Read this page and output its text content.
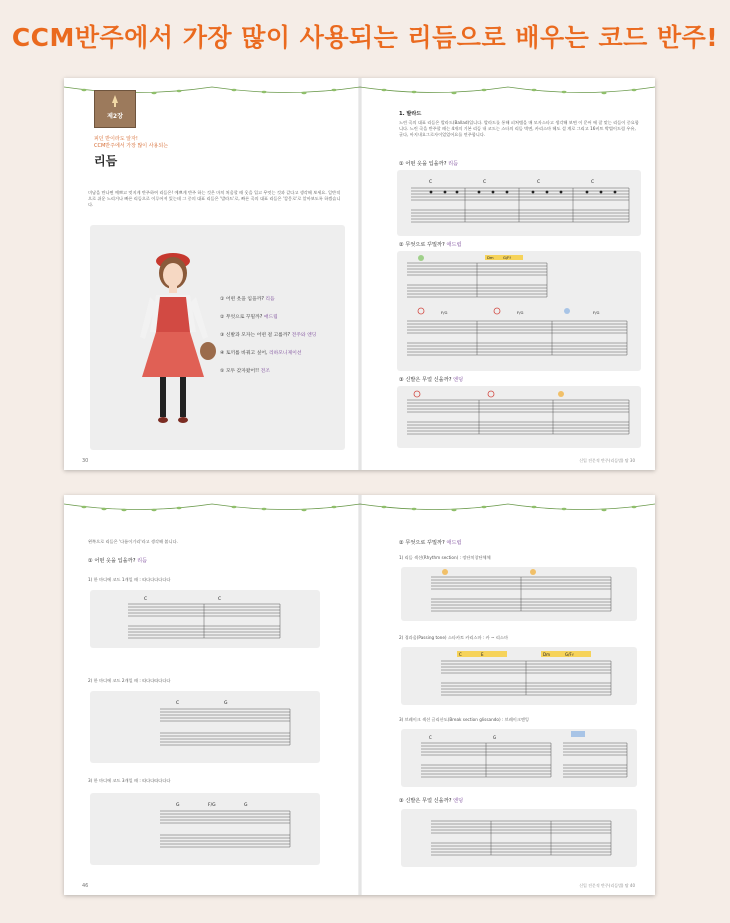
CCM반주에서 가장 많이 사용되는 리듬으로 배우는 코드 반주!
제2장
피던 반이라도 알자!
CCM반주에서 가장 많이 사용되는
리듬
미남을 만나면 예쁘고 멋지게 반주하여 리듬은! 예쁘게 반주 하는 것은 마치 처음할 때 옷을 입고 무엇는 것과 같다고 생각해 보세요. 일반적으로 쉬운 느리거나 빠른 리듬으로 이루어져 있는데 그 중의 대표 리듬은 '발라드'로, 빠른 곡의 대표 리듬은 '캄몽로'로 알아보도록 하겠습니다.
① 어떤 옷을 입을까? 리듬
② 무엇으로 꾸밀까? 애드립
③ 신발과 모자는 어떤 걸 고를까? 전주와 엔딩
④ 토끼를 바꿔고 싶어, 리하모니제이션
⑤ 모두 갖자왔어!! 전조
30
1. 발라드
느린 곡의 대표 리듬은 발라드(Ballad)입니다. 발라드를 통해 피쳐템을 매 모자스타고 생각해 보면 이 문어 에 잘 맞는 리듬이 중요합니다. 느린 곡을 반주할 때는 4개의 기본 리듬 내 코드는 스타의 리듬 벽면, 카리스마 헤도 설 계로 그리고 16비트 박법이드림 우유, 굴다, 아지내요그로자이었었어요를 연주합니다.
① 어떤 옷을 입을까? 리듬
C	C	C	C
② 무엇으로 꾸밀까? 애드립
Dm G/F♯
F/G	F/G	F/G
③ 신발은 무얼 신을까? 엔딩
신입 전문적 반주(리듬법) 탑 30
왼쪽으로 리듬은 '다름이기리'라고 생각해 봅니다.
① 어떤 옷을 입을까? 리듬
1) 한 마디에 코드 1개일 때 : 따다다다다다다
C	C
2) 한 마디에 코드 2개일 때 : 따다다따다다다
C	G
3) 한 마디에 코드 3개일 때 : 따다다따다다다
G	F/G	G
46
② 무엇으로 꾸밀까? 애드립
1) 리듬 섹션(Rhythm section) : 정단치창단체체
2) 경과음(Passing tone) 스타카토 카리스마 : 카 ~ 리스마
C	E	Dm	G/F♯
3) 브레이크 섹션 글리산도(Break section glissando) : 브레이크엔잉
C	G
③ 신발은 무얼 신을까? 엔딩
신입 전문적 반주(리듬법) 탑 40
